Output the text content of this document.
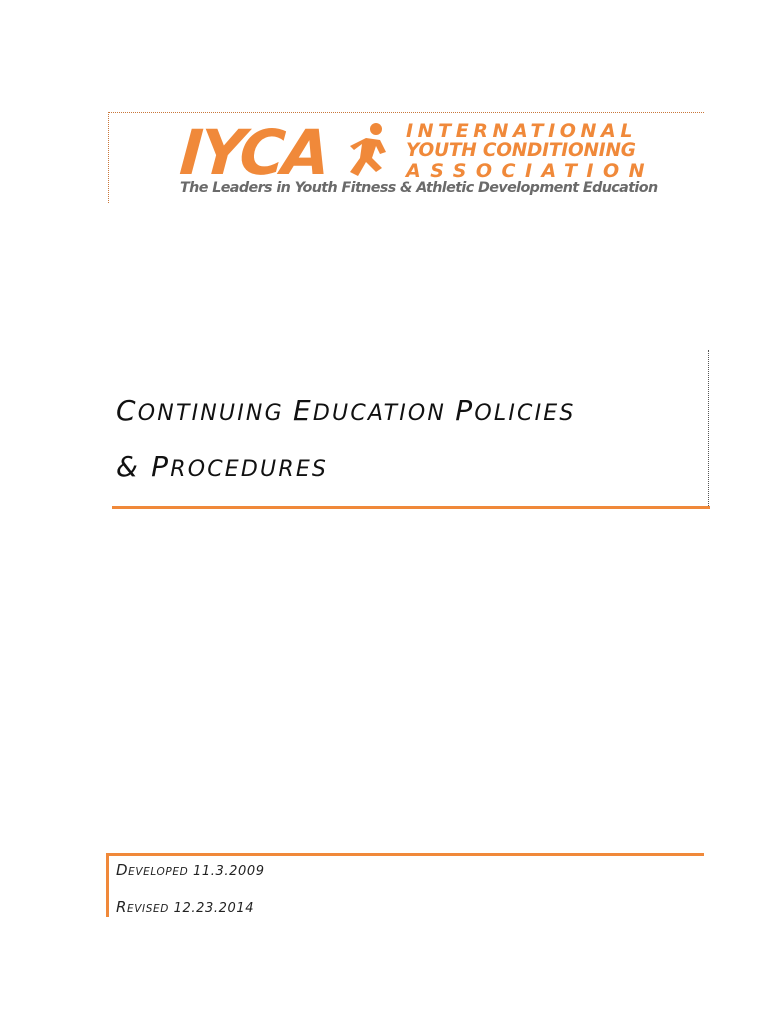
IYCA	INTERNATIONAL
YOUTH CONDITIONING
ASSOCIATION
The Leaders in Youth Fitness & Athletic Development Education

CONTINUING EDUCATION POLICIES

& PROCEDURES

DEVELOPED 11.3.2009
REVISED 12.23.2014
